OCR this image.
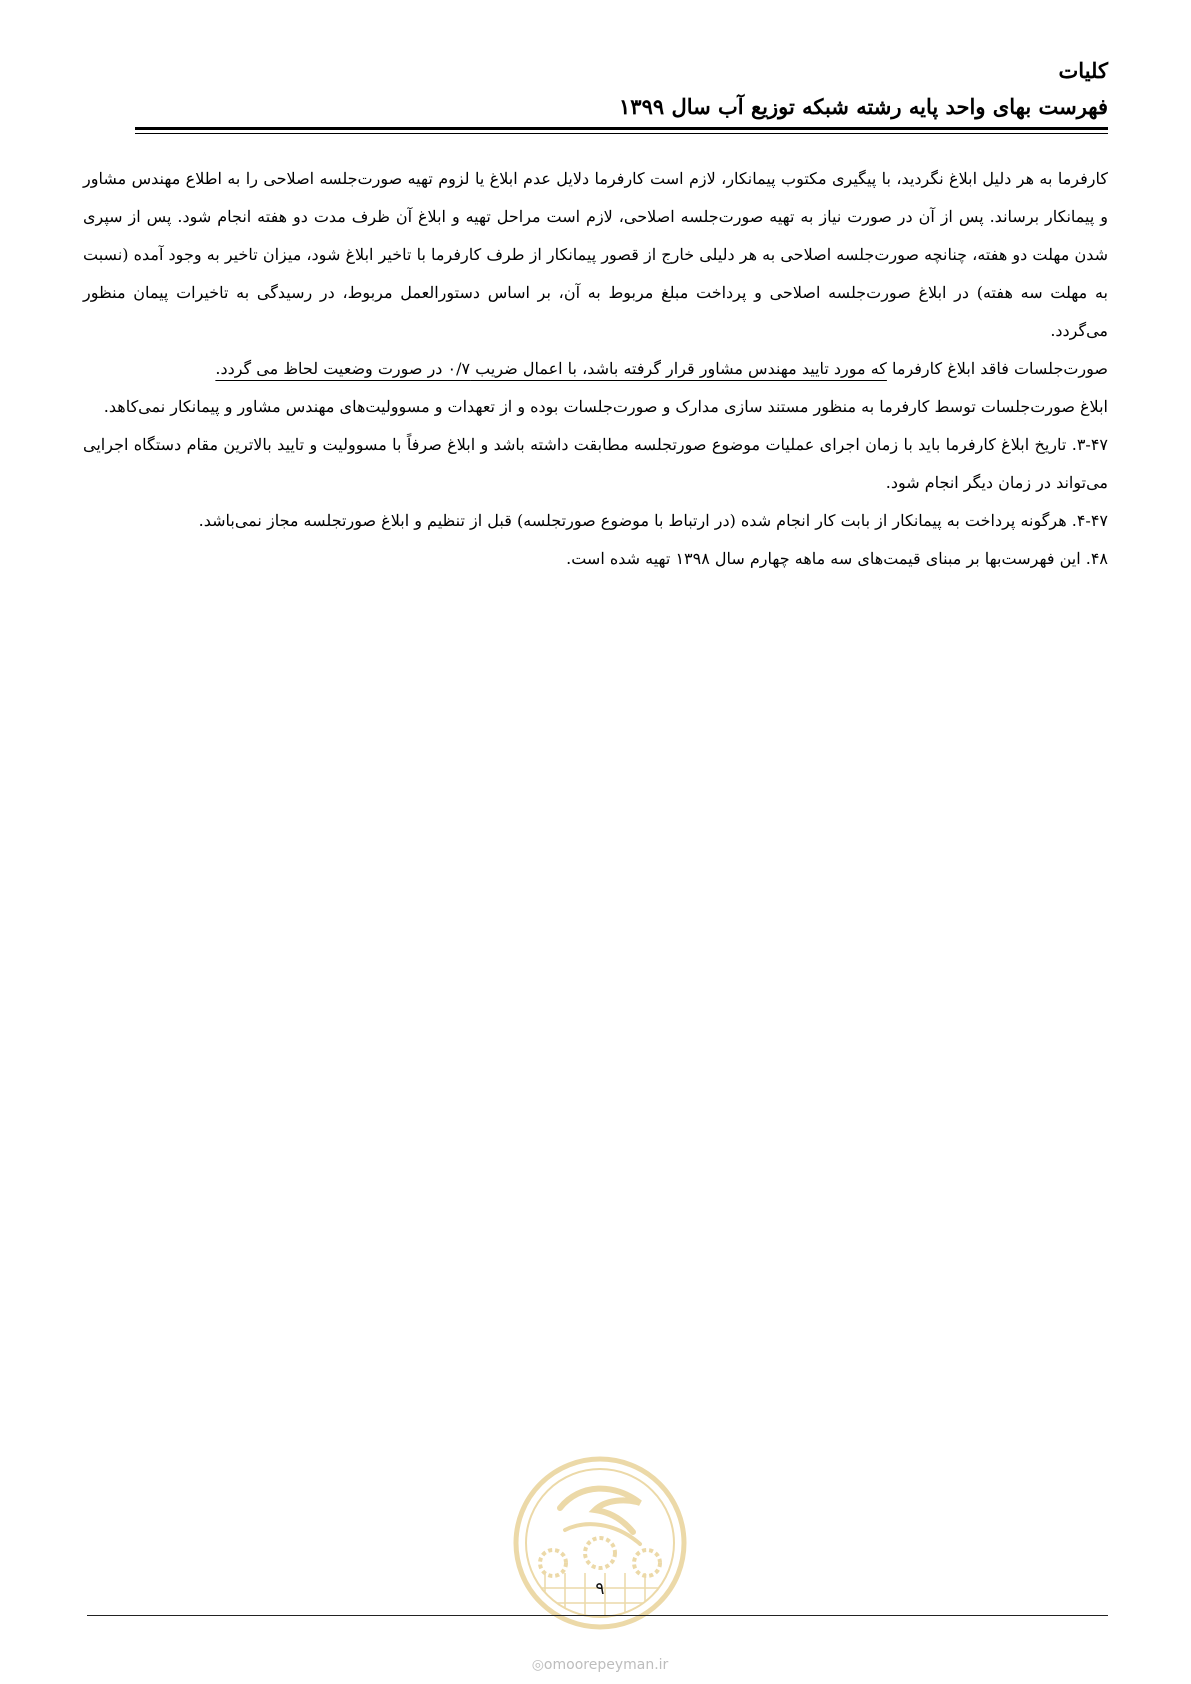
کلیات
فهرست بهای واحد پایه رشته شبکه توزیع آب سال ۱۳۹۹

کارفرما به هر دلیل ابلاغ نگردید، با پیگیری مکتوب پیمانکار، لازم است کارفرما دلایل عدم ابلاغ یا لزوم تهیه صورت‌جلسه اصلاحی را به اطلاع مهندس مشاور و پیمانکار برساند. پس از آن در صورت نیاز به تهیه صورت‌جلسه اصلاحی، لازم است مراحل تهیه و ابلاغ آن ظرف مدت دو هفته انجام شود. پس از سپری شدن مهلت دو هفته، چنانچه صورت‌جلسه اصلاحی به هر دلیلی خارج از قصور پیمانکار از طرف کارفرما با تاخیر ابلاغ شود، میزان تاخیر به وجود آمده (نسبت به مهلت سه هفته) در ابلاغ صورت‌جلسه اصلاحی و پرداخت مبلغ مربوط به آن، بر اساس دستورالعمل مربوط، در رسیدگی به تاخیرات پیمان منظور می‌گردد.

صورت‌جلسات فاقد ابلاغ کارفرما که مورد تایید مهندس مشاور قرار گرفته باشد، با اعمال ضریب ۰/۷ در صورت وضعیت لحاظ می گردد.

ابلاغ صورت‌جلسات توسط کارفرما به منظور مستند سازی مدارک و صورت‌جلسات بوده و از تعهدات و مسوولیت‌های مهندس مشاور و پیمانکار نمی‌کاهد.

۳-۴۷. تاریخ ابلاغ کارفرما باید با زمان اجرای عملیات موضوع صورتجلسه مطابقت داشته باشد و ابلاغ صرفاً با مسوولیت و تایید بالاترین مقام دستگاه اجرایی می‌تواند در زمان دیگر انجام شود.

۴-۴۷. هرگونه پرداخت به پیمانکار از بابت کار انجام شده (در ارتباط با موضوع صورتجلسه) قبل از تنظیم و ابلاغ صورتجلسه مجاز نمی‌باشد.

۴۸. این فهرست‌بها بر مبنای قیمت‌های سه ماهه چهارم سال ۱۳۹۸ تهیه شده است.

۹

◎omoorepeyman.ir
